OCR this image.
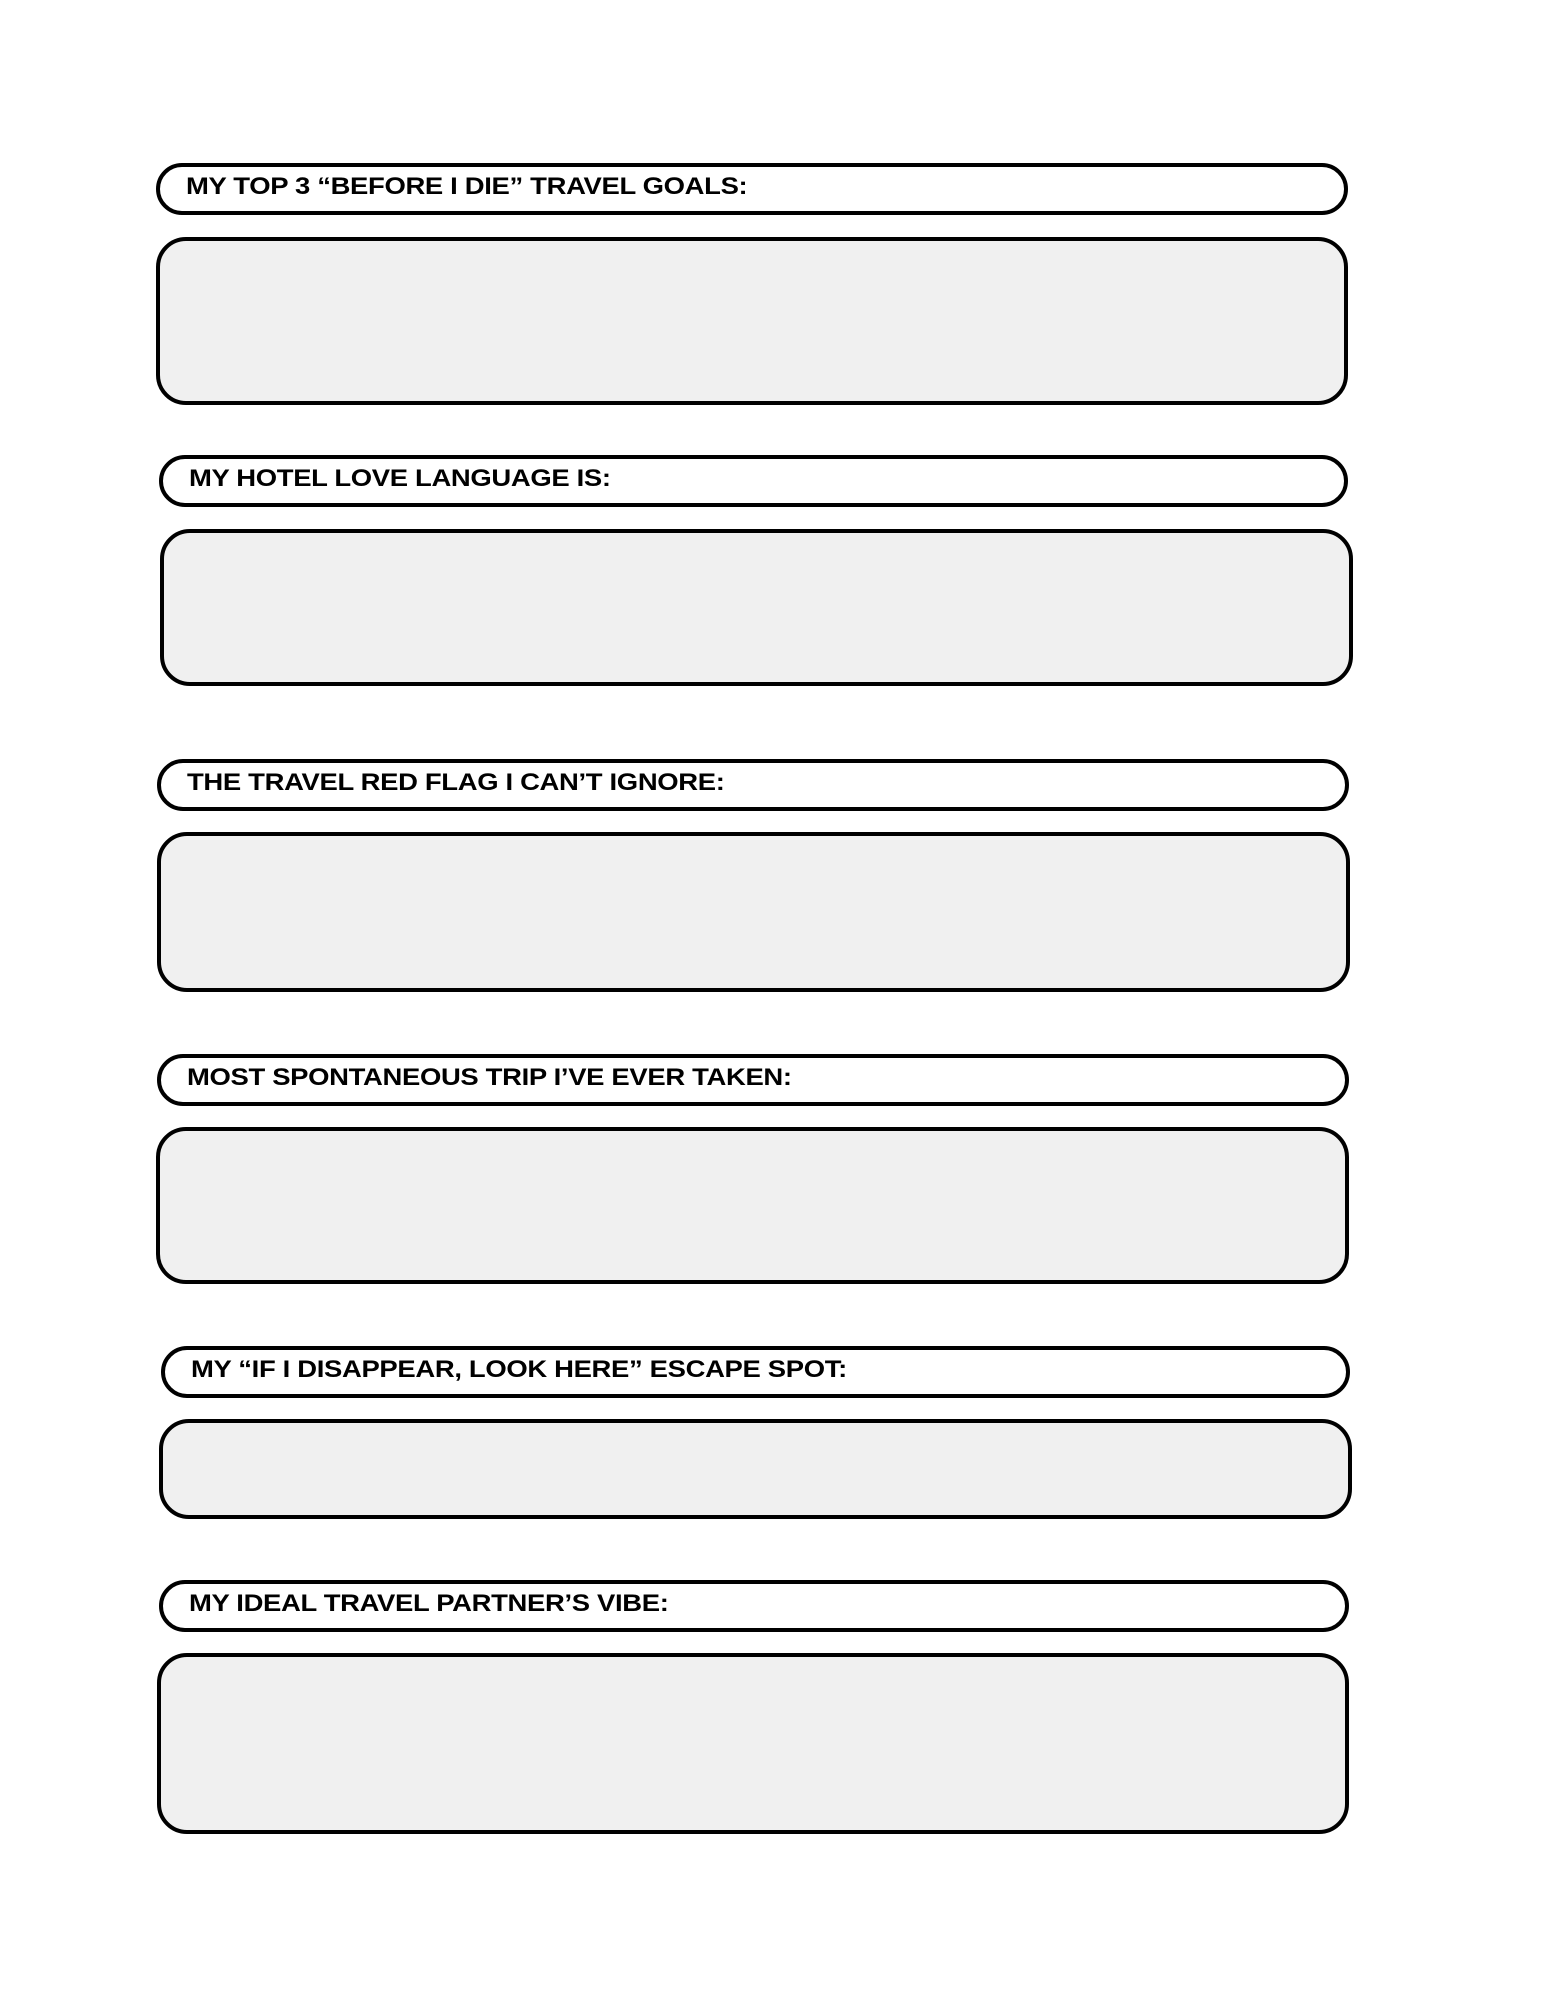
MY TOP 3 “BEFORE I DIE” TRAVEL GOALS:
MY HOTEL LOVE LANGUAGE IS:
THE TRAVEL RED FLAG I CAN’T IGNORE:
MOST SPONTANEOUS TRIP I’VE EVER TAKEN:
MY “IF I DISAPPEAR, LOOK HERE” ESCAPE SPOT:
MY IDEAL TRAVEL PARTNER’S VIBE:
